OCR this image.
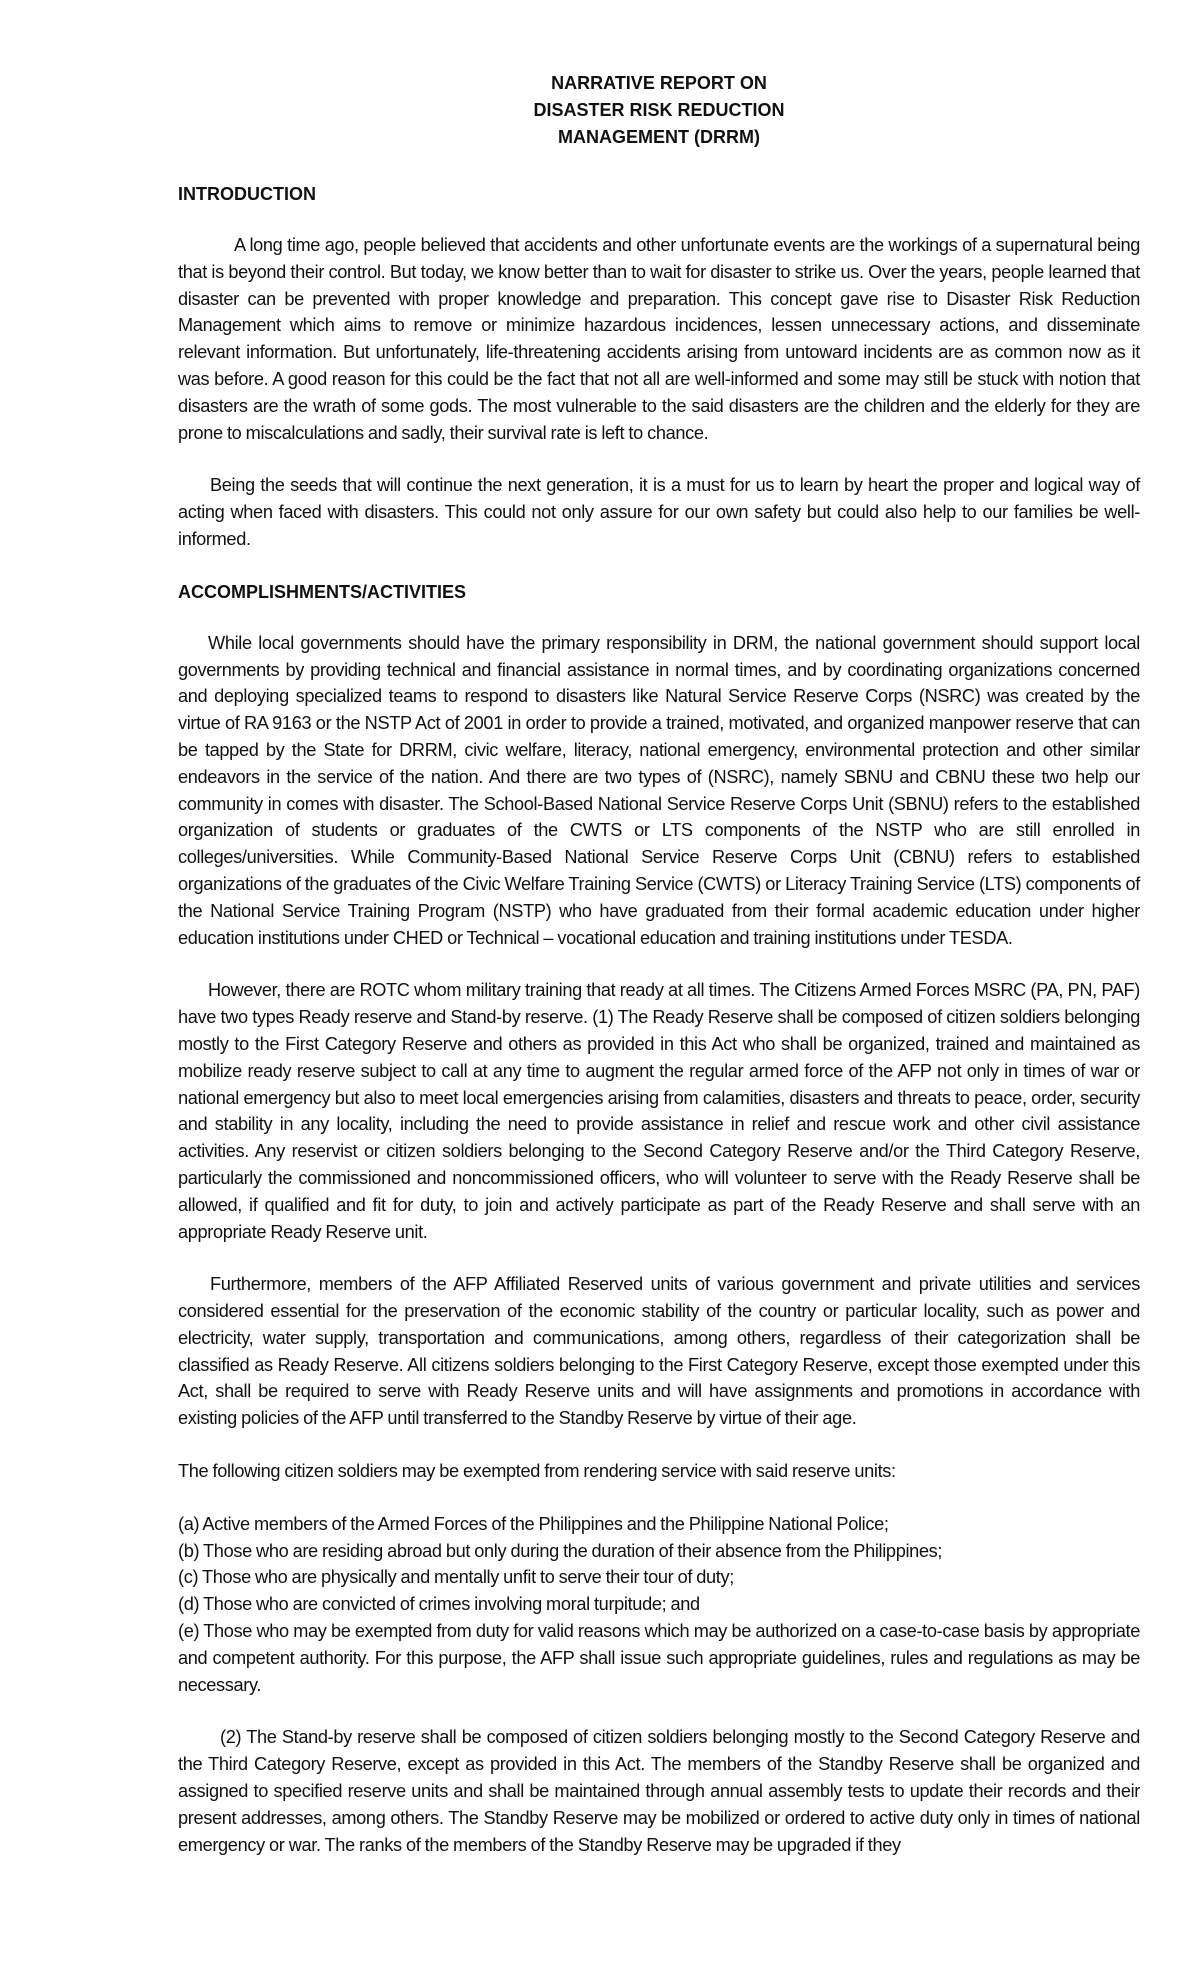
NARRATIVE REPORT ON
DISASTER RISK REDUCTION
MANAGEMENT (DRRM)
INTRODUCTION

A long time ago, people believed that accidents and other unfortunate events are the workings of a supernatural being that is beyond their control. But today, we know better than to wait for disaster to strike us. Over the years, people learned that disaster can be prevented with proper knowledge and preparation. This concept gave rise to Disaster Risk Reduction Management which aims to remove or minimize hazardous incidences, lessen unnecessary actions, and disseminate relevant information. But unfortunately, life-threatening accidents arising from untoward incidents are as common now as it was before. A good reason for this could be the fact that not all are well-informed and some may still be stuck with notion that disasters are the wrath of some gods. The most vulnerable to the said disasters are the children and the elderly for they are prone to miscalculations and sadly, their survival rate is left to chance.

Being the seeds that will continue the next generation, it is a must for us to learn by heart the proper and logical way of acting when faced with disasters. This could not only assure for our own safety but could also help to our families be well-informed.

ACCOMPLISHMENTS/ACTIVITIES

While local governments should have the primary responsibility in DRM, the national government should support local governments by providing technical and financial assistance in normal times, and by coordinating organizations concerned and deploying specialized teams to respond to disasters like Natural Service Reserve Corps (NSRC) was created by the virtue of RA 9163 or the NSTP Act of 2001 in order to provide a trained, motivated, and organized manpower reserve that can be tapped by the State for DRRM, civic welfare, literacy, national emergency, environmental protection and other similar endeavors in the service of the nation. And there are two types of (NSRC), namely SBNU and CBNU these two help our community in comes with disaster. The School-Based National Service Reserve Corps Unit (SBNU) refers to the established organization of students or graduates of the CWTS or LTS components of the NSTP who are still enrolled in colleges/universities. While Community-Based National Service Reserve Corps Unit (CBNU) refers to established organizations of the graduates of the Civic Welfare Training Service (CWTS) or Literacy Training Service (LTS) components of the National Service Training Program (NSTP) who have graduated from their formal academic education under higher education institutions under CHED or Technical – vocational education and training institutions under TESDA.

However, there are ROTC whom military training that ready at all times. The Citizens Armed Forces MSRC (PA, PN, PAF) have two types Ready reserve and Stand-by reserve. (1) The Ready Reserve shall be composed of citizen soldiers belonging mostly to the First Category Reserve and others as provided in this Act who shall be organized, trained and maintained as mobilize ready reserve subject to call at any time to augment the regular armed force of the AFP not only in times of war or national emergency but also to meet local emergencies arising from calamities, disasters and threats to peace, order, security and stability in any locality, including the need to provide assistance in relief and rescue work and other civil assistance activities. Any reservist or citizen soldiers belonging to the Second Category Reserve and/or the Third Category Reserve, particularly the commissioned and noncommissioned officers, who will volunteer to serve with the Ready Reserve shall be allowed, if qualified and fit for duty, to join and actively participate as part of the Ready Reserve and shall serve with an appropriate Ready Reserve unit.

Furthermore, members of the AFP Affiliated Reserved units of various government and private utilities and services considered essential for the preservation of the economic stability of the country or particular locality, such as power and electricity, water supply, transportation and communications, among others, regardless of their categorization shall be classified as Ready Reserve. All citizens soldiers belonging to the First Category Reserve, except those exempted under this Act, shall be required to serve with Ready Reserve units and will have assignments and promotions in accordance with existing policies of the AFP until transferred to the Standby Reserve by virtue of their age.

The following citizen soldiers may be exempted from rendering service with said reserve units:

(a) Active members of the Armed Forces of the Philippines and the Philippine National Police;
(b) Those who are residing abroad but only during the duration of their absence from the Philippines;
(c) Those who are physically and mentally unfit to serve their tour of duty;
(d) Those who are convicted of crimes involving moral turpitude; and
(e) Those who may be exempted from duty for valid reasons which may be authorized on a case-to-case basis by appropriate and competent authority. For this purpose, the AFP shall issue such appropriate guidelines, rules and regulations as may be necessary.

(2) The Stand-by reserve shall be composed of citizen soldiers belonging mostly to the Second Category Reserve and the Third Category Reserve, except as provided in this Act. The members of the Standby Reserve shall be organized and assigned to specified reserve units and shall be maintained through annual assembly tests to update their records and their present addresses, among others. The Standby Reserve may be mobilized or ordered to active duty only in times of national emergency or war. The ranks of the members of the Standby Reserve may be upgraded if they
